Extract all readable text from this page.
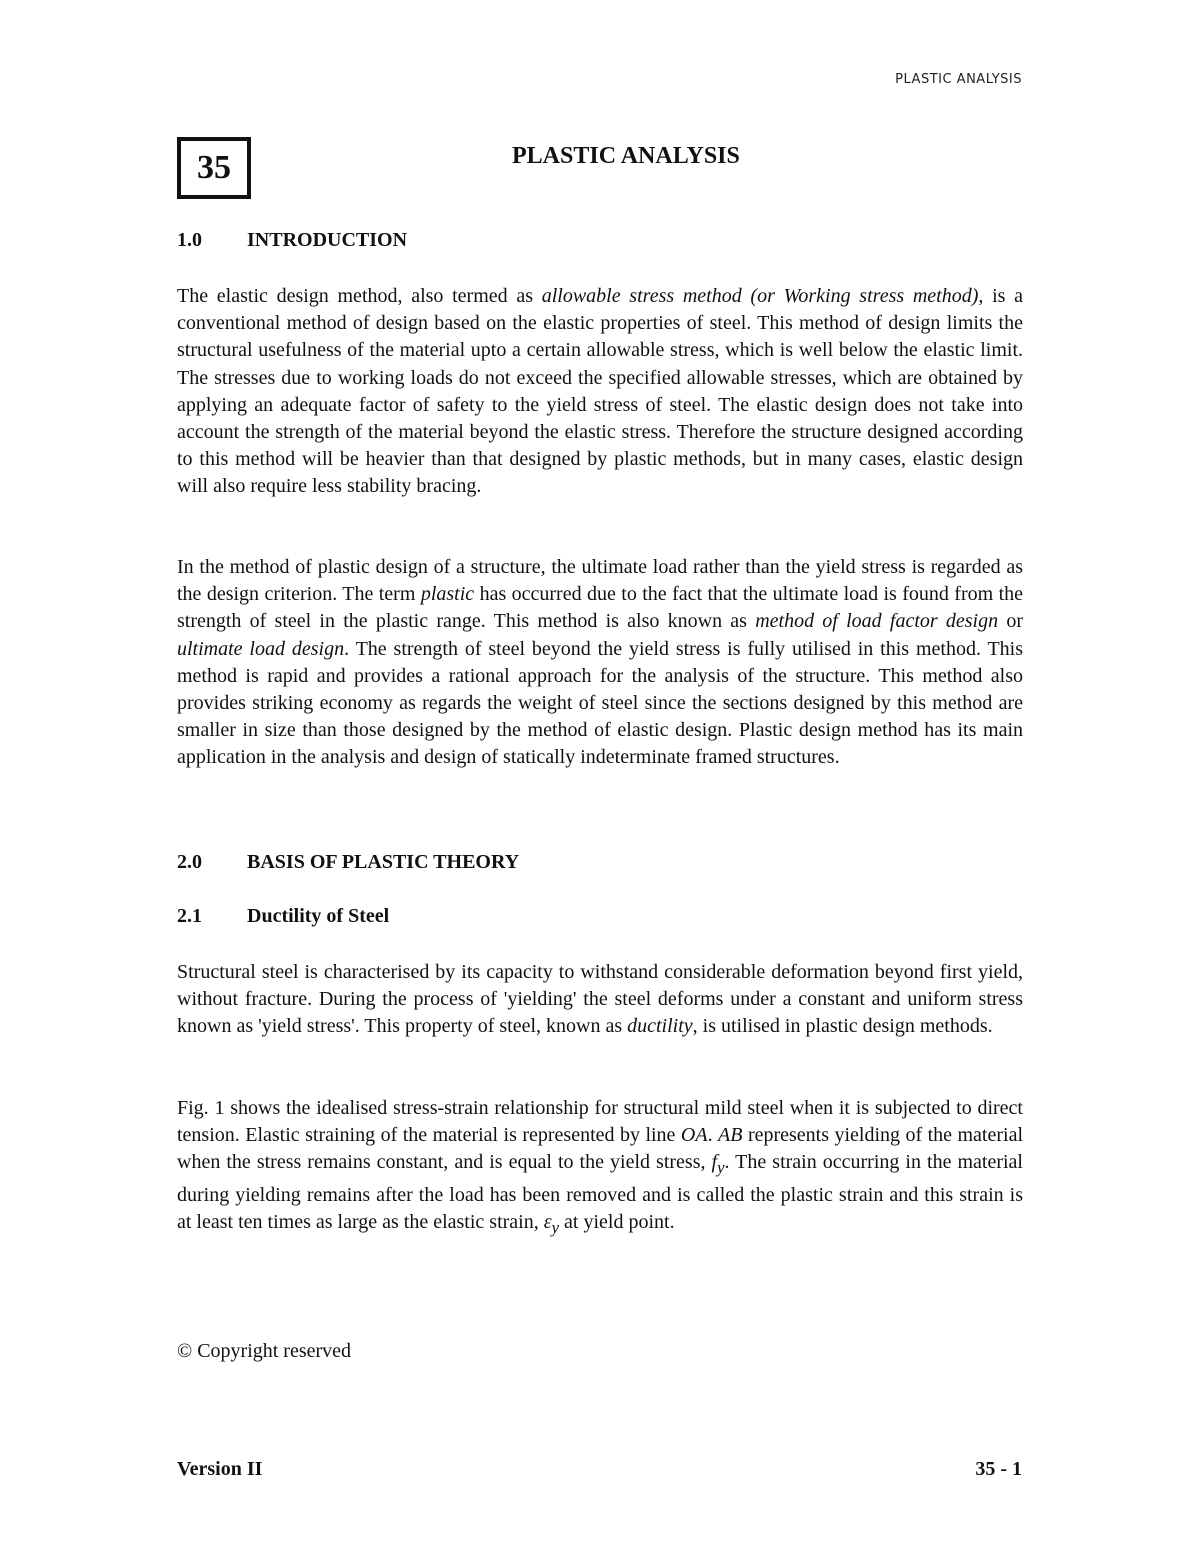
PLASTIC ANALYSIS
35	PLASTIC ANALYSIS
1.0	INTRODUCTION

The elastic design method, also termed as allowable stress method (or Working stress method), is a conventional method of design based on the elastic properties of steel. This method of design limits the structural usefulness of the material upto a certain allowable stress, which is well below the elastic limit. The stresses due to working loads do not exceed the specified allowable stresses, which are obtained by applying an adequate factor of safety to the yield stress of steel. The elastic design does not take into account the strength of the material beyond the elastic stress. Therefore the structure designed according to this method will be heavier than that designed by plastic methods, but in many cases, elastic design will also require less stability bracing.

In the method of plastic design of a structure, the ultimate load rather than the yield stress is regarded as the design criterion. The term plastic has occurred due to the fact that the ultimate load is found from the strength of steel in the plastic range. This method is also known as method of load factor design or ultimate load design. The strength of steel beyond the yield stress is fully utilised in this method. This method is rapid and provides a rational approach for the analysis of the structure. This method also provides striking economy as regards the weight of steel since the sections designed by this method are smaller in size than those designed by the method of elastic design. Plastic design method has its main application in the analysis and design of statically indeterminate framed structures.

2.0	BASIS OF PLASTIC THEORY
2.1	Ductility of Steel

Structural steel is characterised by its capacity to withstand considerable deformation beyond first yield, without fracture. During the process of 'yielding' the steel deforms under a constant and uniform stress known as 'yield stress'. This property of steel, known as ductility, is utilised in plastic design methods.

Fig. 1 shows the idealised stress-strain relationship for structural mild steel when it is subjected to direct tension. Elastic straining of the material is represented by line OA. AB represents yielding of the material when the stress remains constant, and is equal to the yield stress, $f_y$. The strain occurring in the material during yielding remains after the load has been removed and is called the plastic strain and this strain is at least ten times as large as the elastic strain, $\varepsilon_y$ at yield point.

© Copyright reserved
Version II	35 - 1
